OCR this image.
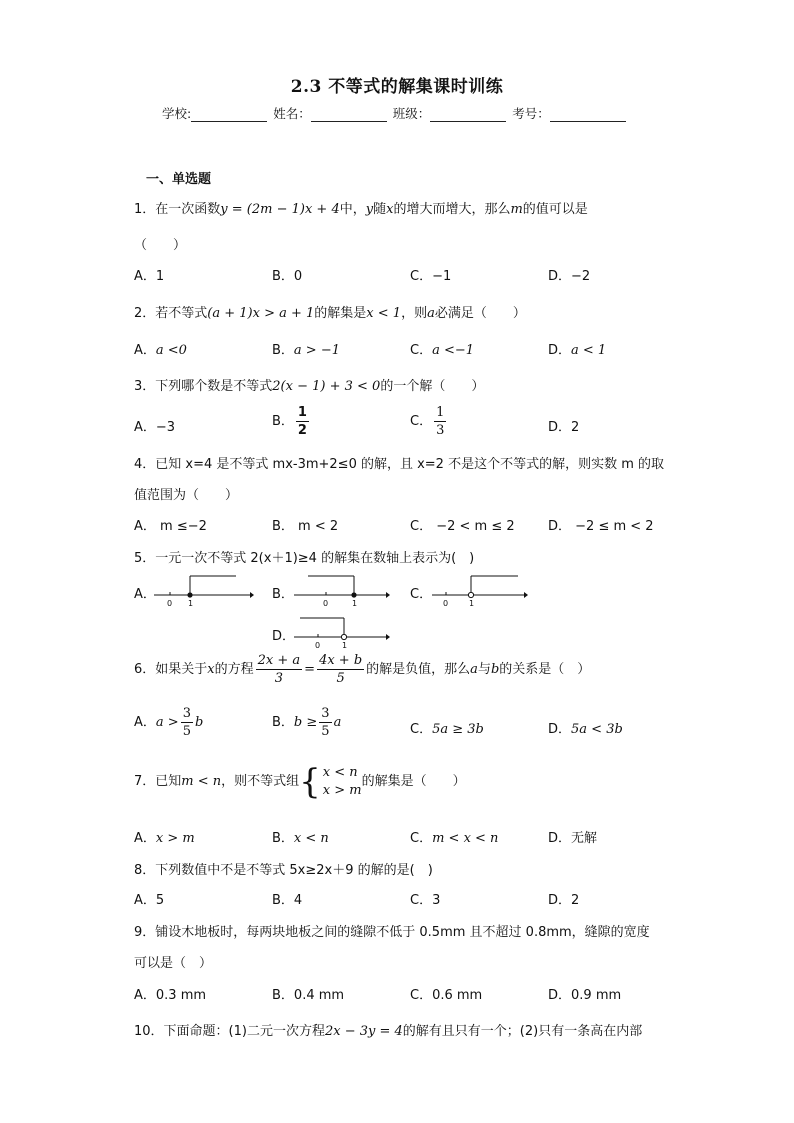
2.3 不等式的解集课时训练
学校:	姓名：	班级：	考号：
一、单选题
1．在一次函数y = (2m − 1)x + 4中，y随x的增大而增大，那么m的值可以是
（　　）
A．1	B．0	C．−1	D．−2
2．若不等式(a + 1)x > a + 1的解集是x < 1，则a必满足（　　）
A．a <0	B．a > −1	C．a <−1	D．a < 1
3．下列哪个数是不等式2(x − 1) + 3 < 0的一个解（　　）
A．−3	B． $\frac{1}{2}$	C． $\frac{1}{3}$	D．2
4．已知 x=4 是不等式 mx-3m+2≤0 的解，且 x=2 不是这个不等式的解，则实数 m 的取
值范围为（　　）
A． m ≤−2	B． m < 2	C． −2 < m ≤ 2	D． −2 ≤ m < 2
5．一元一次不等式 2(x＋1)≥4 的解集在数轴上表示为(　)
A．
0 1
B．
0	1
C．
0	1
D．
0	1
6．如果关于x的方程 $\frac{2x + a}{3} = \frac{4x + b}{5}$ 的解是负值，那么a与b的关系是（　）
A．$a > \frac{3}{5}$ b	B．$b \ge \frac{3}{5}$ a	C．5a ≥ 3b	D．5a < 3b
7．已知m < n，则不等式组 { x < n
x > m
的解集是（　　）
A．x > m	B．x < n	C．m < x < n	D．无解
8．下列数值中不是不等式 5x≥2x＋9 的解的是(　)
A．5	B．4	C．3	D．2
9．铺设木地板时，每两块地板之间的缝隙不低于 0.5mm 且不超过 0.8mm，缝隙的宽度
可以是（　）
A．0.3 mm	B．0.4 mm	C．0.6 mm	D．0.9 mm
10．下面命题：(1)二元一次方程2x − 3y = 4的解有且只有一个；(2)只有一条高在内部
